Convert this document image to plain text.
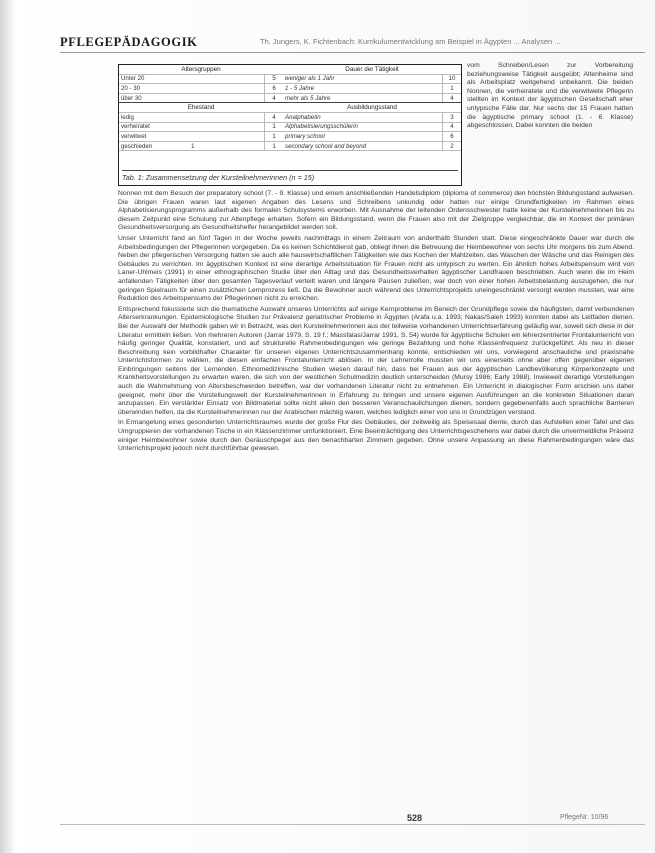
PFLEGEPÄDAGOGIK	Th. Jungers, K. Fichtenbach: Kurrikulumentwicklung am Beispiel in Ägypten ... Analysen ...
Altersgruppen		Dauer der Tätigkeit	
Unter 20	5	weniger als 1 Jahr	10
20 - 30	6	1 - 5 Jahre	1
über 30	4	mehr als 5 Jahre	4
Ehestand		Ausbildungsstand	
ledig	4	Analphabetin	3
verheiratet	1	Alphabetisierungsschülerin	4
verwitwet	1	primary school	6
geschieden 1	1	secondary school and beyond	2
Tab. 1: Zusammensetzung der Kursteilnehmerinnen (n = 15)

vom Schreiben/Lesen zur Vorbereitung beziehungsweise Tätigkeit ausgeübt; Altenheime sind als Arbeitsplatz weitgehend unbekannt. Die beiden Nonnen, die verheiratete und die verwitwete Pflegerin stellten im Kontext der ägyptischen Gesellschaft eher untypische Fälle dar. Nur sechs der 15 Frauen hatten die ägyptische primary school (1. - 6. Klasse) abgeschlossen. Dabei konnten die beiden

Nonnen mit dem Besuch der preparatory school (7. - 9. Klasse) und einem anschließenden Handelsdiplom (diploma of commerce) den höchsten Bildungsstand aufweisen. Die übrigen Frauen waren laut eigenen Angaben des Lesens und Schreibens unkundig oder hatten nur einige Grundfertigkeiten im Rahmen eines Alphabetisierungsprogramms außerhalb des formalen Schulsystems erworben. Mit Ausnahme der leitenden Ordensschwester hatte keine der Kursteilnehmerinnen bis zu diesem Zeitpunkt eine Schulung zur Altenpflege erhalten. Sofern ein Bildungsstand, wenn die Frauen also mit der Zielgruppe vergleichbar, die im Kontext der primären Gesundheitsversorgung als Gesundheitshelfer herangebildet werden soll.

Unser Unterricht fand an fünf Tagen in der Woche jeweils nachmittags in einem Zeitraum von anderthalb Stunden statt. Diese eingeschränkte Dauer war durch die Arbeitsbedingungen der Pflegerinnen vorgegeben. Da es keinen Schichtdienst gab, obliegt ihnen die Betreuung der Heimbewohner von sechs Uhr morgens bis zum Abend. Neben der pflegerischen Versorgung hatten sie auch alle hauswirtschaftlichen Tätigkeiten wie das Kochen der Mahlzeiten, das Waschen der Wäsche und das Reinigen des Gebäudes zu verrichten. Im ägyptischen Kontext ist eine derartige Arbeitssituation für Frauen nicht als untypisch zu werten. Ein ähnlich hohes Arbeitspensum wird von Laner-Uhlmeis (1991) in einer ethnographischen Studie über den Alltag und das Gesundheitsverhalten ägyptischer Landfrauen beschrieben. Auch wenn die im Heim anfallenden Tätigkeiten über den gesamten Tagesverlauf verteilt waren und längere Pausen zuließen, war doch von einer hohen Arbeitsbelastung auszugehen, die nur geringen Spielraum für einen zusätzlichen Lernprozess ließ. Da die Bewohner auch während des Unterrichtsprojekts uneingeschränkt versorgt werden mussten, war eine Reduktion des Arbeitspensums der Pflegerinnen nicht zu erreichen.

Entsprechend fokussierte sich die thematische Auswahl unseres Unterrichts auf einige Kernprobleme im Bereich der Grundpflege sowie die häufigsten, damit verbundenen Alterserkrankungen. Epidemiologische Studien zur Prävalenz geriatrischer Probleme in Ägypten (Arafa u.a. 1993; Nakas/Saleh 1993) konnten dabei als Leitfaden dienen. Bei der Auswahl der Methodik gaben wir in Betracht, was den Kursteilnehmerinnen aus der teilweise vorhandenen Unterrichtserfahrung geläufig war, soweit sich diese in der Literatur ermitteln ließen. Von mehreren Autoren (Jarrar 1979, S. 19 f.; Massfalas/Jarrar 1991, S. 54) wurde für ägyptische Schulen ein lehrerzentrierter Frontalunterricht von häufig geringer Qualität, konstatiert, und auf strukturelle Rahmenbedingungen wie geringe Bezahlung und hohe Klassenfrequenz zurückgeführt. Als neu in dieser Beschreibung kein vorbildhafter Charakter für unseren eigenen Unterrichtszusammenhang konnte, entschieden wir uns, vorwiegend anschauliche und praxisnahe Unterrichtsformen zu wählen, die diesen einfachen Frontalunterricht ablösen. In der Lehrerrolle mussten wir uns einerseits ohne aber offen gegenüber eigenen Einbringungen seitens der Lernenden. Ethnomedizinische Studien wiesen darauf hin, dass bei Frauen aus der ägyptischen Landbevölkerung Körperkonzepte und Krankheitsvorstellungen zu erwarten waren, die sich von der westlichen Schulmedizin deutlich unterscheiden (Mursy 1986; Early 1988). Inwieweit derartige Vorstellungen auch die Wahrnehmung von Altersbeschwerden betreffen, war der vorhandenen Literatur nicht zu entnehmen. Ein Unterricht in dialogischer Form erschien uns daher geeignet, mehr über die Vorstellungswelt der Kursteilnehmerinnen in Erfahrung zu bringen und unsere eigenen Ausführungen an die konkreten Situationen daran anzupassen. Ein verstärkter Einsatz von Bildmaterial sollte nicht allein den besseren Veranschaulichungen dienen, sondern gegebenenfalls auch sprachliche Barrieren überwinden helfen, da die Kursteilnehmerinnen nur der Arabischen mächtig waren, welches lediglich einer von uns in Grundzügen verstand.

In Ermangelung eines gesonderten Unterrichtsraumes wurde der große Flur des Gebäudes, der zeitweilig als Speisesaal diente, durch das Aufstellen einer Tafel und das Umgruppieren der vorhandenen Tische in ein Klassenzimmer umfunktioniert. Eine Beeinträchtigung des Unterrichtsgeschehens war dabei durch die unvermeidliche Präsenz einiger Heimbewohner sowie durch den Geräuschpegel aus den benachbarten Zimmern gegeben. Ohne unsere Anpassung an diese Rahmenbedingungen wäre das Unterrichtsprojekt jedoch nicht durchführbar gewesen.

528	PflegeNr. 10/96
